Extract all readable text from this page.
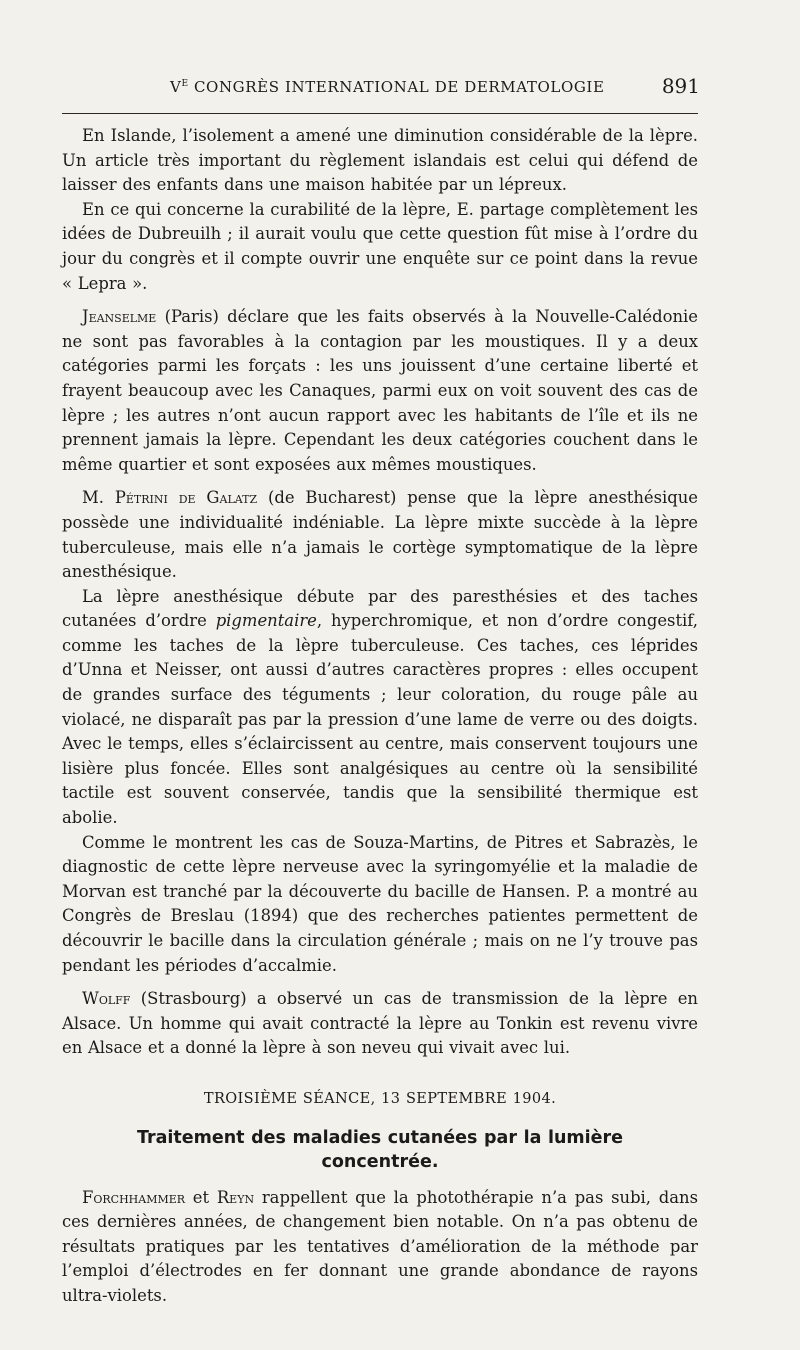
$V^E$ CONGRÈS INTERNATIONAL DE DERMATOLOGIE	891

En Islande, l’isolement a amené une diminution considérable de la lèpre. Un article très important du règlement islandais est celui qui défend de laisser des enfants dans une maison habitée par un lépreux.

En ce qui concerne la curabilité de la lèpre, E. partage complètement les idées de Dubreuilh ; il aurait voulu que cette question fût mise à l’ordre du jour du congrès et il compte ouvrir une enquête sur ce point dans la revue « Lepra ».

Jeanselme (Paris) déclare que les faits observés à la Nouvelle-Calédonie ne sont pas favorables à la contagion par les moustiques. Il y a deux catégories parmi les forçats : les uns jouissent d’une certaine liberté et frayent beaucoup avec les Canaques, parmi eux on voit souvent des cas de lèpre ; les autres n’ont aucun rapport avec les habitants de l’île et ils ne prennent jamais la lèpre. Cependant les deux catégories couchent dans le même quartier et sont exposées aux mêmes moustiques.

M. Pétrini de Galatz (de Bucharest) pense que la lèpre anesthésique possède une individualité indéniable. La lèpre mixte succède à la lèpre tuberculeuse, mais elle n’a jamais le cortège symptomatique de la lèpre anesthésique.

La lèpre anesthésique débute par des paresthésies et des taches cutanées d’ordre pigmentaire, hyperchromique, et non d’ordre congestif, comme les taches de la lèpre tuberculeuse. Ces taches, ces léprides d’Unna et Neisser, ont aussi d’autres caractères propres : elles occupent de grandes surface des téguments ; leur coloration, du rouge pâle au violacé, ne disparaît pas par la pression d’une lame de verre ou des doigts. Avec le temps, elles s’éclaircissent au centre, mais conservent toujours une lisière plus foncée. Elles sont analgésiques au centre où la sensibilité tactile est souvent conservée, tandis que la sensibilité thermique est abolie.

Comme le montrent les cas de Souza-Martins, de Pitres et Sabrazès, le diagnostic de cette lèpre nerveuse avec la syringomyélie et la maladie de Morvan est tranché par la découverte du bacille de Hansen. P. a montré au Congrès de Breslau (1894) que des recherches patientes permettent de découvrir le bacille dans la circulation générale ; mais on ne l’y trouve pas pendant les périodes d’accalmie.

Wolff (Strasbourg) a observé un cas de transmission de la lèpre en Alsace. Un homme qui avait contracté la lèpre au Tonkin est revenu vivre en Alsace et a donné la lèpre à son neveu qui vivait avec lui.

TROISIÈME SÉANCE, 13 SEPTEMBRE 1904.

Traitement des maladies cutanées par la lumière concentrée.

Forchhammer et Reyn rappellent que la photothérapie n’a pas subi, dans ces dernières années, de changement bien notable. On n’a pas obtenu de résultats pratiques par les tentatives d’amélioration de la méthode par l’emploi d’électrodes en fer donnant une grande abondance de rayons ultra-violets.
